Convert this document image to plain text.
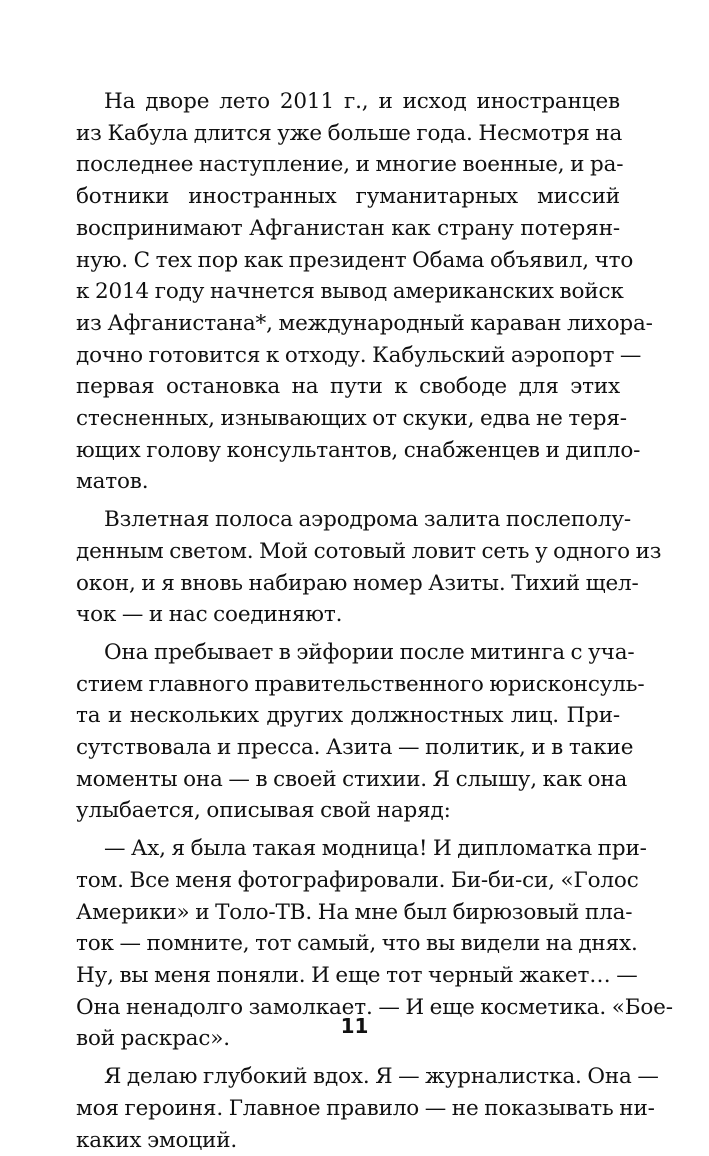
На дворе лето 2011 г., и исход иностранцев
из Кабула длится уже больше года. Несмотря на
последнее наступление, и многие военные, и ра-
ботники иностранных гуманитарных миссий
воспринимают Афганистан как страну потерян-
ную. С тех пор как президент Обама объявил, что
к 2014 году начнется вывод американских войск
из Афганистана*, международный караван лихора-
дочно готовится к отходу. Кабульский аэропорт —
первая остановка на пути к свободе для этих
стесненных, изнывающих от скуки, едва не теря-
ющих голову консультантов, снабженцев и дипло-
матов.
Взлетная полоса аэродрома залита послеполу-
денным светом. Мой сотовый ловит сеть у одного из
окон, и я вновь набираю номер Азиты. Тихий щел-
чок — и нас соединяют.
Она пребывает в эйфории после митинга с уча-
стием главного правительственного юрисконсуль-
та и нескольких других должностных лиц. При-
сутствовала и пресса. Азита — политик, и в такие
моменты она — в своей стихии. Я слышу, как она
улыбается, описывая свой наряд:
— Ах, я была такая модница! И дипломатка при-
том. Все меня фотографировали. Би-би-си, «Голос
Америки» и Толо-ТВ. На мне был бирюзовый пла-
ток — помните, тот самый, что вы видели на днях.
Ну, вы меня поняли. И еще тот черный жакет… —
Она ненадолго замолкает. — И еще косметика. «Бое-
вой раскрас».
Я делаю глубокий вдох. Я — журналистка. Она —
моя героиня. Главное правило — не показывать ни-
каких эмоций.
11
